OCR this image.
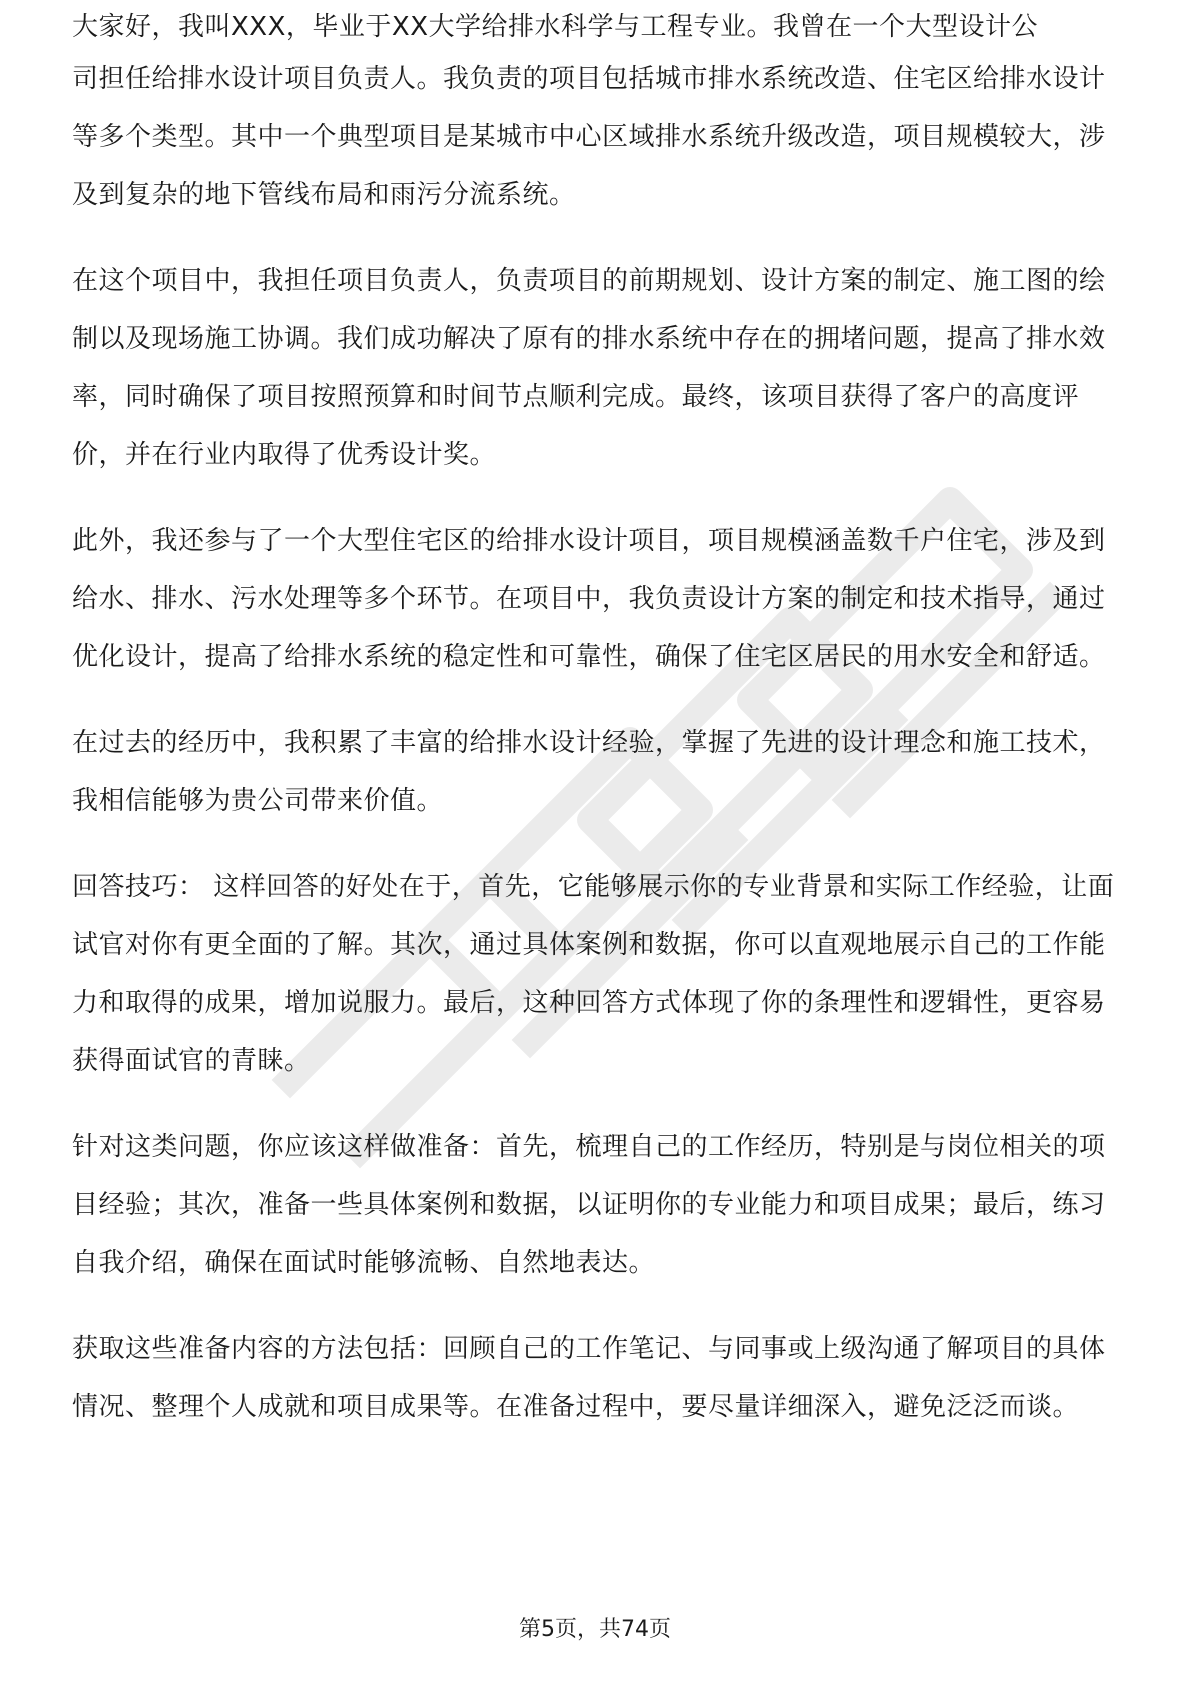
大家好，我叫XXX，毕业于XX大学给排水科学与工程专业。我曾在一个大型设计公

司担任给排水设计项目负责人。我负责的项目包括城市排水系统改造、住宅区给排水设计等多个类型。其中一个典型项目是某城市中心区域排水系统升级改造，项目规模较大，涉及到复杂的地下管线布局和雨污分流系统。

在这个项目中，我担任项目负责人，负责项目的前期规划、设计方案的制定、施工图的绘制以及现场施工协调。我们成功解决了原有的排水系统中存在的拥堵问题，提高了排水效率，同时确保了项目按照预算和时间节点顺利完成。最终，该项目获得了客户的高度评价，并在行业内取得了优秀设计奖。

此外，我还参与了一个大型住宅区的给排水设计项目，项目规模涵盖数千户住宅，涉及到给水、排水、污水处理等多个环节。在项目中，我负责设计方案的制定和技术指导，通过优化设计，提高了给排水系统的稳定性和可靠性，确保了住宅区居民的用水安全和舒适。

在过去的经历中，我积累了丰富的给排水设计经验，掌握了先进的设计理念和施工技术，我相信能够为贵公司带来价值。

回答技巧： 这样回答的好处在于，首先，它能够展示你的专业背景和实际工作经验，让面试官对你有更全面的了解。其次，通过具体案例和数据，你可以直观地展示自己的工作能力和取得的成果，增加说服力。最后，这种回答方式体现了你的条理性和逻辑性，更容易获得面试官的青睐。

针对这类问题，你应该这样做准备：首先，梳理自己的工作经历，特别是与岗位相关的项目经验；其次，准备一些具体案例和数据，以证明你的专业能力和项目成果；最后，练习自我介绍，确保在面试时能够流畅、自然地表达。

获取这些准备内容的方法包括：回顾自己的工作笔记、与同事或上级沟通了解项目的具体情况、整理个人成就和项目成果等。在准备过程中，要尽量详细深入，避免泛泛而谈。

第5页，共74页
